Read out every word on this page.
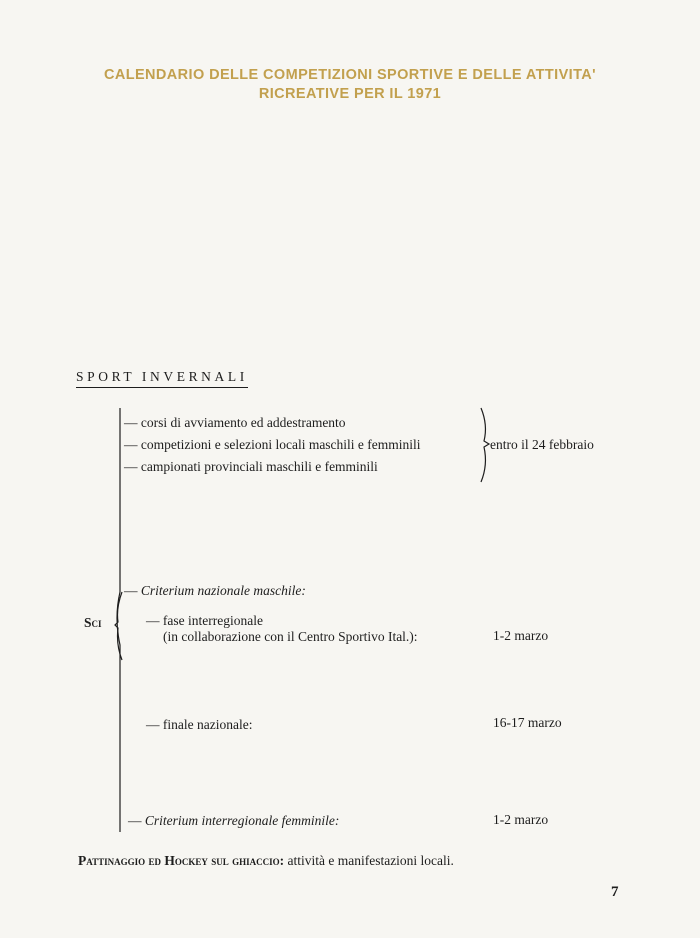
CALENDARIO DELLE COMPETIZIONI SPORTIVE E DELLE ATTIVITA'
RICREATIVE PER IL 1971
SPORT INVERNALI
— corsi di avviamento ed addestramento
— competizioni e selezioni locali maschili e femminili
— campionati provinciali maschili e femminili
entro il 24 febbraio
Sci
— Criterium nazionale maschile:
— fase interregionale
(in collaborazione con il Centro Sportivo Ital.):	1-2 marzo
— finale nazionale:	16-17 marzo
— Criterium interregionale femminile:	1-2 marzo
Pattinaggio ed Hockey sul ghiaccio: attività e manifestazioni locali.
7
